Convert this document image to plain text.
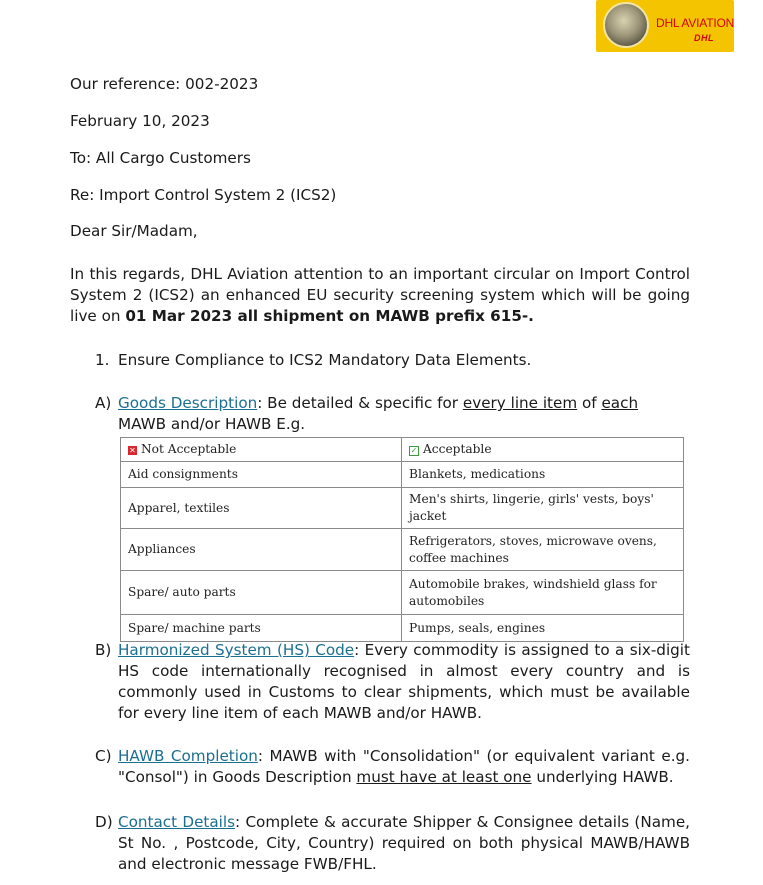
DHL AVIATION
DHL
Our reference: 002-2023
February 10, 2023
To: All Cargo Customers
Re: Import Control System 2 (ICS2)
Dear Sir/Madam,

In this regards, DHL Aviation attention to an important circular on Import Control System 2 (ICS2) an enhanced EU security screening system which will be going live on 01 Mar 2023 all shipment on MAWB prefix 615-.

1. Ensure Compliance to ICS2 Mandatory Data Elements.
A) Goods Description: Be detailed & specific for every line item of each MAWB and/or HAWB E.g.
✕ Not Acceptable	✓ Acceptable
Aid consignments	Blankets, medications
Apparel, textiles	Men's shirts, lingerie, girls' vests, boys' jacket
Appliances	Refrigerators, stoves, microwave ovens, coffee machines
Spare/ auto parts	Automobile brakes, windshield glass for automobiles
Spare/ machine parts	Pumps, seals, engines
B) Harmonized System (HS) Code: Every commodity is assigned to a six-digit HS code internationally recognised in almost every country and is commonly used in Customs to clear shipments, which must be available for every line item of each MAWB and/or HAWB.
C) HAWB Completion: MAWB with "Consolidation" (or equivalent variant e.g. "Consol") in Goods Description must have at least one underlying HAWB.
D) Contact Details: Complete & accurate Shipper & Consignee details (Name, St No. , Postcode, City, Country) required on both physical MAWB/HAWB and electronic message FWB/FHL.
